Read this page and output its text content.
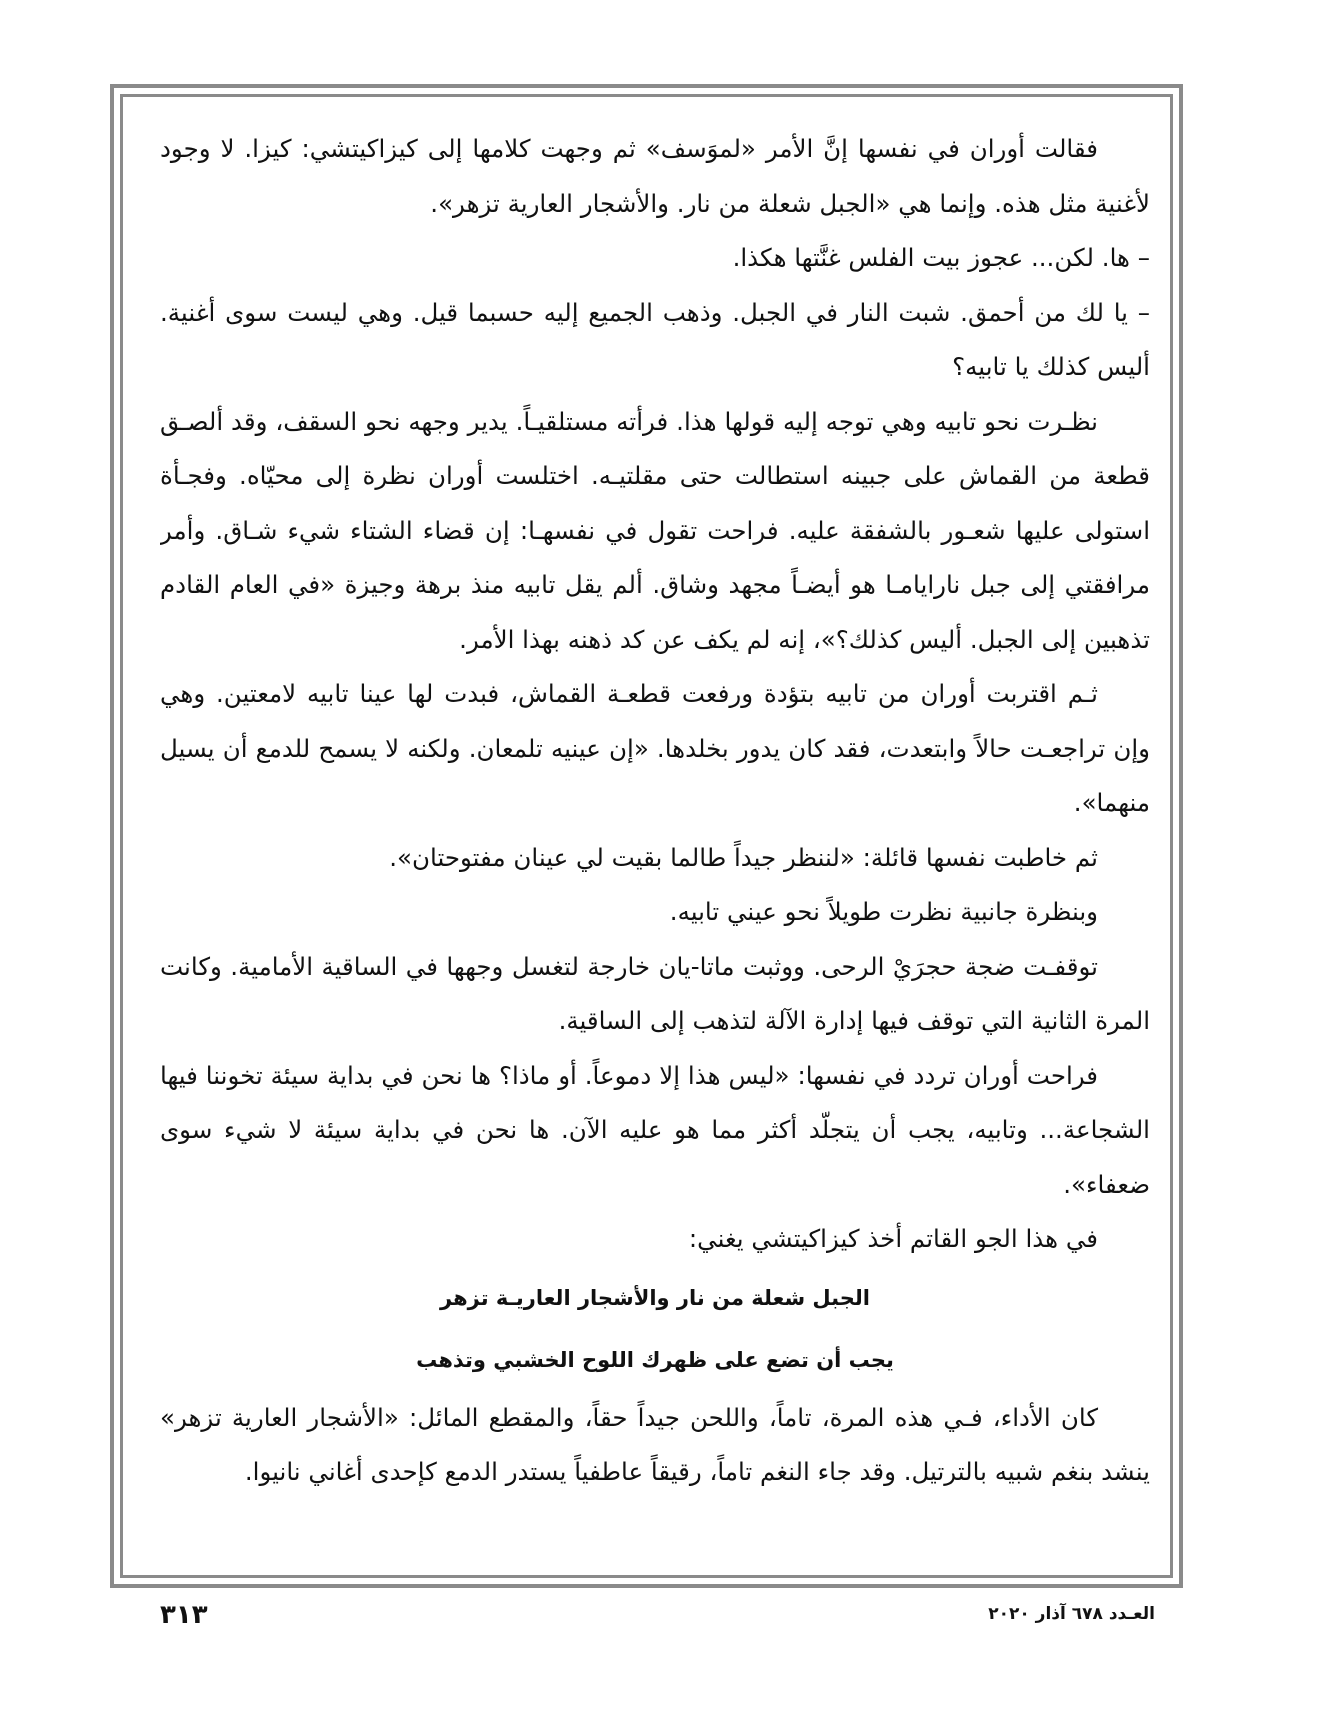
فقالت أوران في نفسها إنَّ الأمر «لموَسف» ثم وجهت كلامها إلى كيزاكيتشي: كيزا. لا وجود لأغنية مثل هذه. وإنما هي «الجبل شعلة من نار. والأشجار العارية تزهر».

– ها. لكن... عجوز بيت الفلس غنَّتها هكذا.

– يا لك من أحمق. شبت النار في الجبل. وذهب الجميع إليه حسبما قيل. وهي ليست سوى أغنية. أليس كذلك يا تابيه؟

نظـرت نحو تابيه وهي توجه إليه قولها هذا. فرأته مستلقيـاً. يدير وجهه نحو السقف، وقد ألصـق قطعة من القماش على جبينه استطالت حتى مقلتيـه. اختلست أوران نظرة إلى محيّاه. وفجـأة استولى عليها شعـور بالشفقة عليه. فراحت تقول في نفسهـا: إن قضاء الشتاء شيء شـاق. وأمر مرافقتي إلى جبل نارايامـا هو أيضـاً مجهد وشاق. ألم يقل تابيه منذ برهة وجيزة «في العام القادم تذهبين إلى الجبل. أليس كذلك؟»، إنه لم يكف عن كد ذهنه بهذا الأمر.

ثـم اقتربت أوران من تابيه بتؤدة ورفعت قطعـة القماش، فبدت لها عينا تابيه لامعتين. وهي وإن تراجعـت حالاً وابتعدت، فقد كان يدور بخلدها. «إن عينيه تلمعان. ولكنه لا يسمح للدمع أن يسيل منهما».

ثم خاطبت نفسها قائلة: «لننظر جيداً طالما بقيت لي عينان مفتوحتان».

وبنظرة جانبية نظرت طويلاً نحو عيني تابيه.

توقفـت ضجة حجرَيْ الرحى. ووثبت ماتا-يان خارجة لتغسل وجهها في الساقية الأمامية. وكانت المرة الثانية التي توقف فيها إدارة الآلة لتذهب إلى الساقية.

فراحت أوران تردد في نفسها: «ليس هذا إلا دموعاً. أو ماذا؟ ها نحن في بداية سيئة تخوننا فيها الشجاعة... وتابيه، يجب أن يتجلّد أكثر مما هو عليه الآن. ها نحن في بداية سيئة لا شيء سوى ضعفاء».

في هذا الجو القاتم أخذ كيزاكيتشي يغني:

الجبل شعلة من نار والأشجار العاريـة تزهر

يجب أن تضع على ظهرك اللوح الخشبي وتذهب

كان الأداء، فـي هذه المرة، تاماً، واللحن جيداً حقاً، والمقطع المائل: «الأشجار العارية تزهر» ينشد بنغم شبيه بالترتيل. وقد جاء النغم تاماً، رقيقاً عاطفياً يستدر الدمع كإحدى أغاني نانيوا.

٣١٣	العـدد ٦٧٨ آذار ٢٠٢٠
